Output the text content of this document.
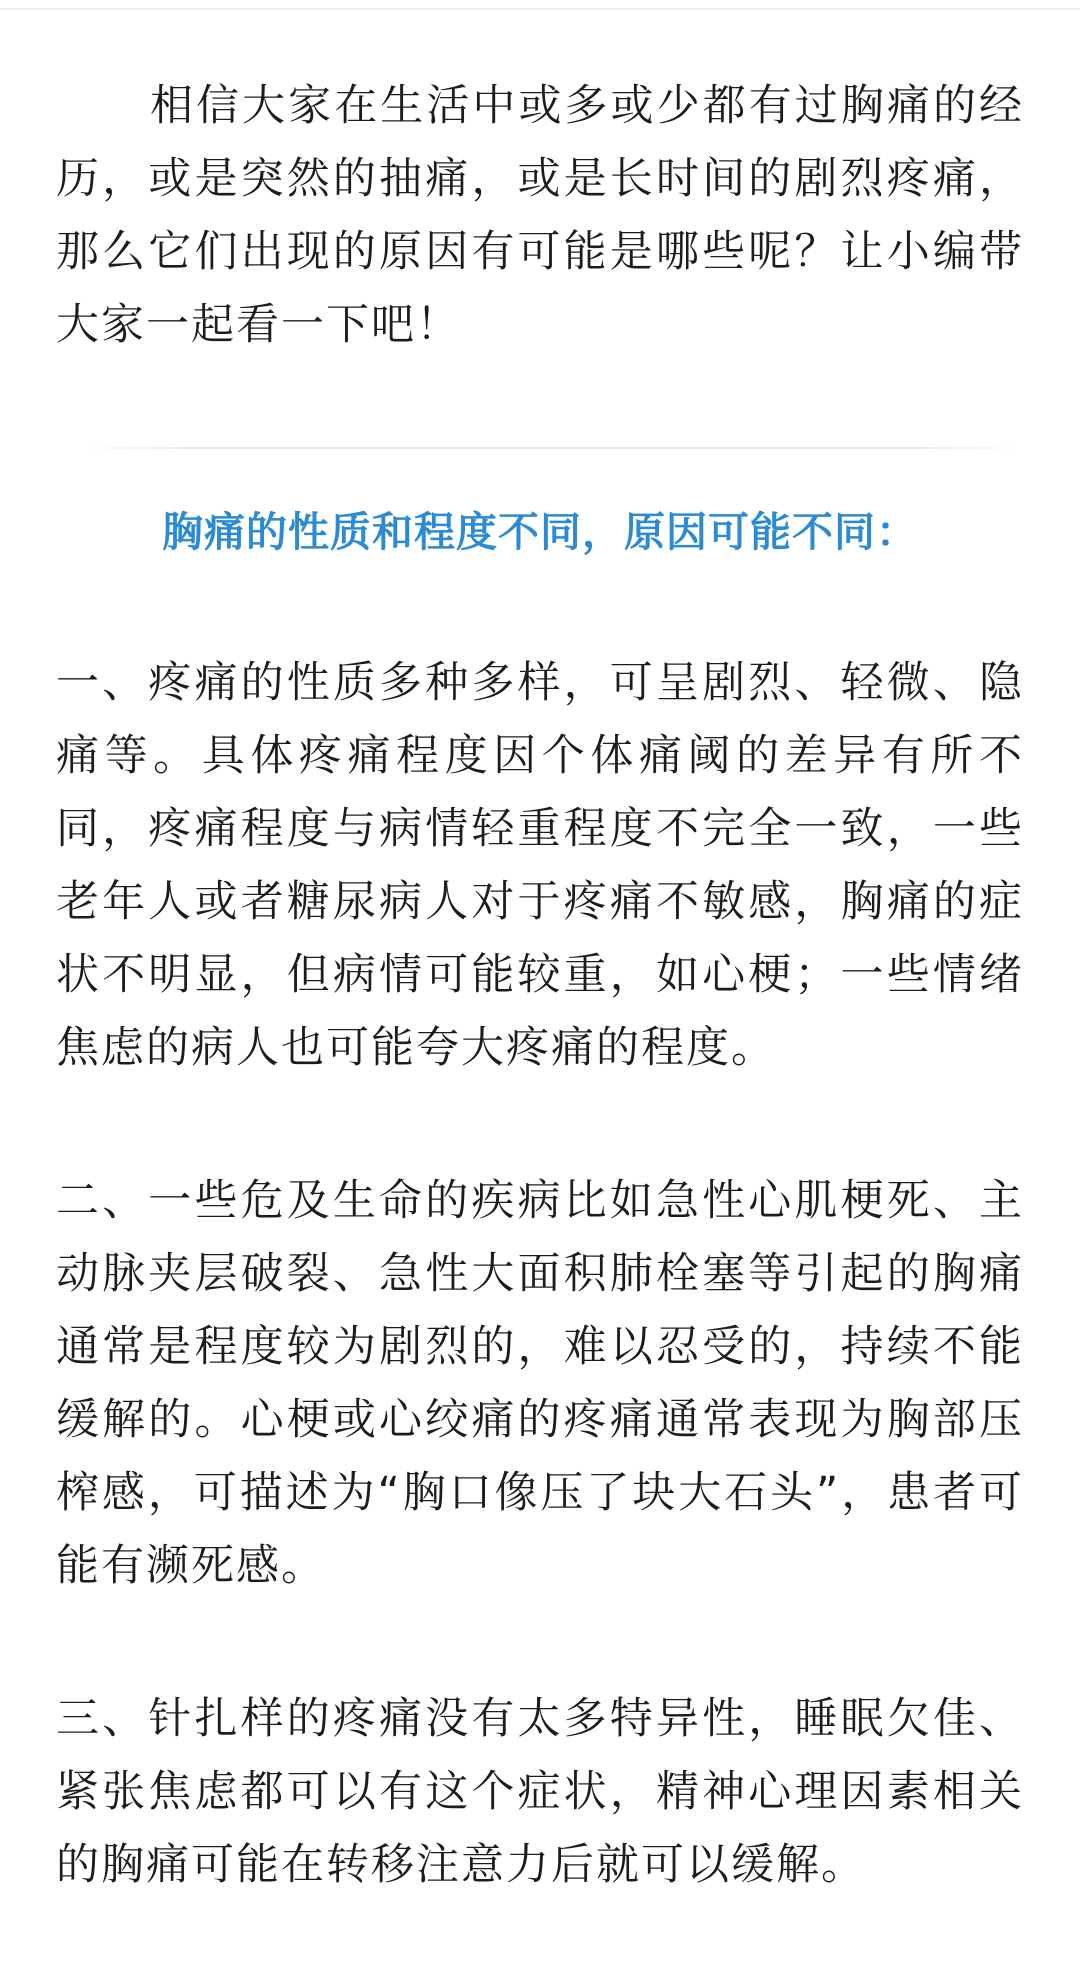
相信大家在生活中或多或少都有过胸痛的经历，或是突然的抽痛，或是长时间的剧烈疼痛，那么它们出现的原因有可能是哪些呢？让小编带大家一起看一下吧！

胸痛的性质和程度不同，原因可能不同：

一、疼痛的性质多种多样，可呈剧烈、轻微、隐痛等。具体疼痛程度因个体痛阈的差异有所不同，疼痛程度与病情轻重程度不完全一致，一些老年人或者糖尿病人对于疼痛不敏感，胸痛的症状不明显，但病情可能较重，如心梗；一些情绪焦虑的病人也可能夸大疼痛的程度。

二、一些危及生命的疾病比如急性心肌梗死、主动脉夹层破裂、急性大面积肺栓塞等引起的胸痛通常是程度较为剧烈的，难以忍受的，持续不能缓解的。心梗或心绞痛的疼痛通常表现为胸部压榨感，可描述为“胸口像压了块大石头”，患者可能有濒死感。

三、针扎样的疼痛没有太多特异性，睡眠欠佳、紧张焦虑都可以有这个症状，精神心理因素相关的胸痛可能在转移注意力后就可以缓解。
